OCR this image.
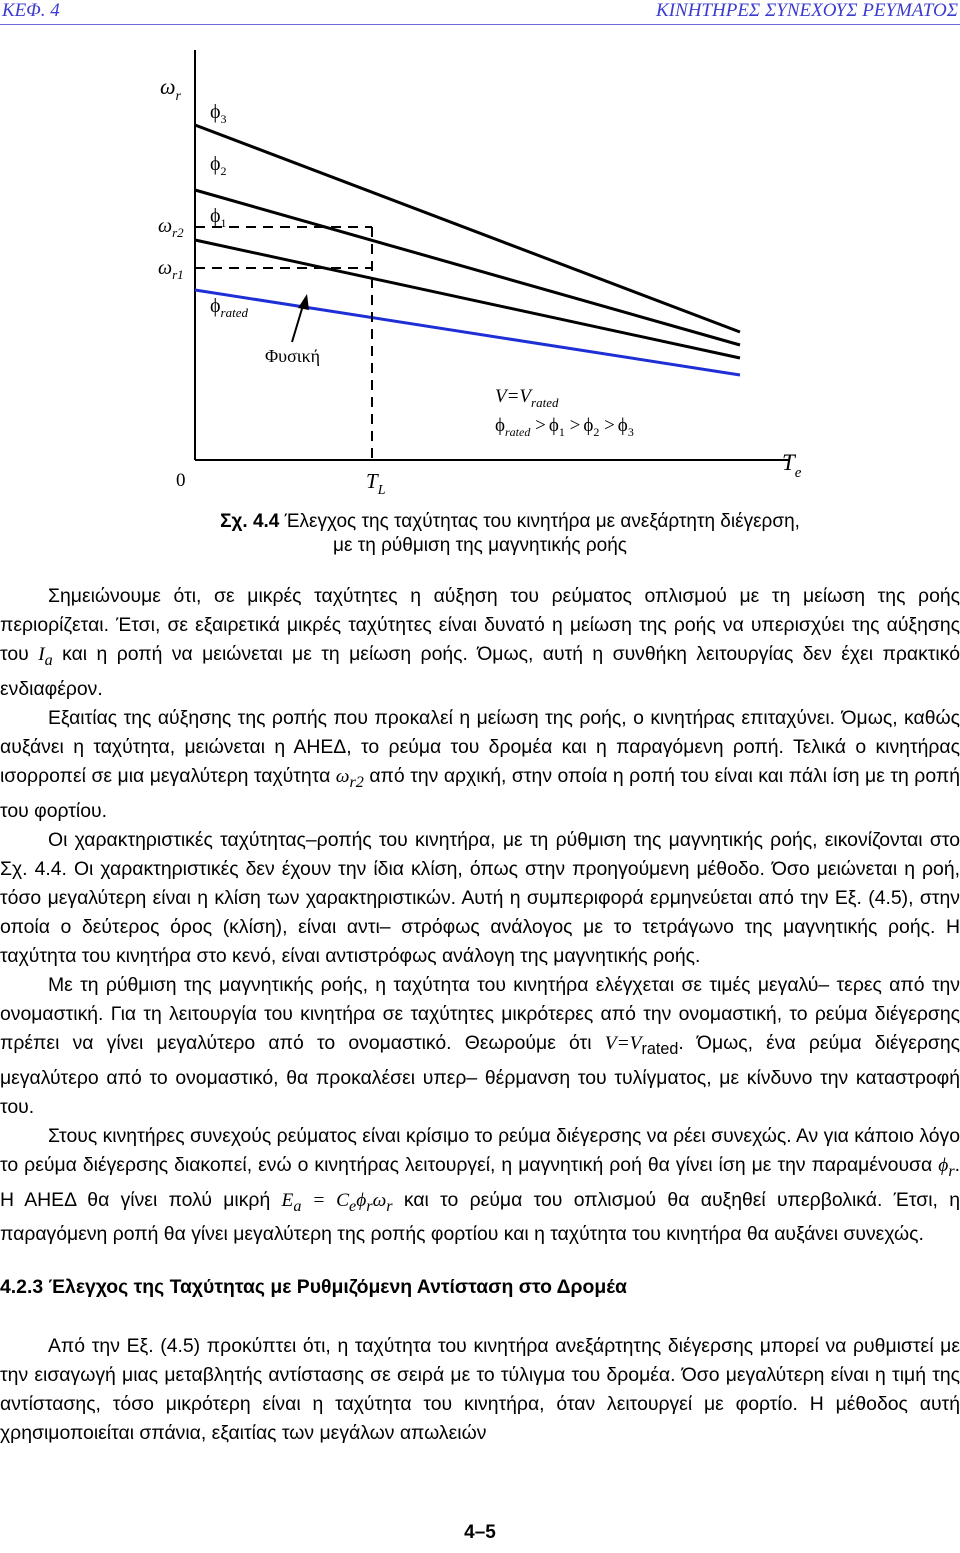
ΚΕΦ. 4	ΚΙΝΗΤΗΡΕΣ ΣΥΝΕΧΟΥΣ ΡΕΥΜΑΤΟΣ
$\omega_r$
$\phi_3$
$\phi_2$
$\phi_1$
$\phi_{rated}$
$\omega_{r2}$
$\omega_{r1}$
Φυσική
$V=V_{rated}$
$\phi_{rated} > \phi_1 > \phi_2 > \phi_3$
0	$T_L$
$T_e$
Σχ. 4.4 Έλεγχος της ταχύτητας του κινητήρα με ανεξάρτητη διέγερση,
με τη ρύθμιση της μαγνητικής ροής

Σημειώνουμε ότι, σε μικρές ταχύτητες η αύξηση του ρεύματος οπλισμού με τη μείωση της ροής περιορίζεται. Έτσι, σε εξαιρετικά μικρές ταχύτητες είναι δυνατό η μείωση της ροής να υπερισχύει της αύξησης του $I_a$ και η ροπή να μειώνεται με τη μείωση ροής. Όμως, αυτή η συνθήκη λειτουργίας δεν έχει πρακτικό ενδιαφέρον.

Εξαιτίας της αύξησης της ροπής που προκαλεί η μείωση της ροής, ο κινητήρας επιταχύνει. Όμως, καθώς αυξάνει η ταχύτητα, μειώνεται η ΑΗΕΔ, το ρεύμα του δρομέα και η παραγόμενη ροπή. Τελικά ο κινητήρας ισορροπεί σε μια μεγαλύτερη ταχύτητα $\omega_{r2}$ από την αρχική, στην οποία η ροπή του είναι και πάλι ίση με τη ροπή του φορτίου.

Οι χαρακτηριστικές ταχύτητας–ροπής του κινητήρα, με τη ρύθμιση της μαγνητικής ροής, εικονίζονται στο Σχ. 4.4. Οι χαρακτηριστικές δεν έχουν την ίδια κλίση, όπως στην προηγούμενη μέθοδο. Όσο μειώνεται η ροή, τόσο μεγαλύτερη είναι η κλίση των χαρακτηριστικών. Αυτή η συμπεριφορά ερμηνεύεται από την Εξ. (4.5), στην οποία ο δεύτερος όρος (κλίση), είναι αντι– στρόφως ανάλογος με το τετράγωνο της μαγνητικής ροής. Η ταχύτητα του κινητήρα στο κενό, είναι αντιστρόφως ανάλογη της μαγνητικής ροής.

Με τη ρύθμιση της μαγνητικής ροής, η ταχύτητα του κινητήρα ελέγχεται σε τιμές μεγαλύ– τερες από την ονομαστική. Για τη λειτουργία του κινητήρα σε ταχύτητες μικρότερες από την ονομαστική, το ρεύμα διέγερσης πρέπει να γίνει μεγαλύτερο από το ονομαστικό. Θεωρούμε ότι $V=V_{rated}$. Όμως, ένα ρεύμα διέγερσης μεγαλύτερο από το ονομαστικό, θα προκαλέσει υπερ– θέρμανση του τυλίγματος, με κίνδυνο την καταστροφή του.

Στους κινητήρες συνεχούς ρεύματος είναι κρίσιμο το ρεύμα διέγερσης να ρέει συνεχώς. Αν για κάποιο λόγο το ρεύμα διέγερσης διακοπεί, ενώ ο κινητήρας λειτουργεί, η μαγνητική ροή θα γίνει ίση με την παραμένουσα $\phi_r$. Η ΑΗΕΔ θα γίνει πολύ μικρή $E_a = C_e\phi_r\omega_r$ και το ρεύμα του οπλισμού θα αυξηθεί υπερβολικά. Έτσι, η παραγόμενη ροπή θα γίνει μεγαλύτερη της ροπής φορτίου και η ταχύτητα του κινητήρα θα αυξάνει συνεχώς.

4.2.3 Έλεγχος της Ταχύτητας με Ρυθμιζόμενη Αντίσταση στο Δρομέα

Από την Εξ. (4.5) προκύπτει ότι, η ταχύτητα του κινητήρα ανεξάρτητης διέγερσης μπορεί να ρυθμιστεί με την εισαγωγή μιας μεταβλητής αντίστασης σε σειρά με το τύλιγμα του δρομέα. Όσο μεγαλύτερη είναι η τιμή της αντίστασης, τόσο μικρότερη είναι η ταχύτητα του κινητήρα, όταν λειτουργεί με φορτίο. Η μέθοδος αυτή χρησιμοποιείται σπάνια, εξαιτίας των μεγάλων απωλειών

4–5
